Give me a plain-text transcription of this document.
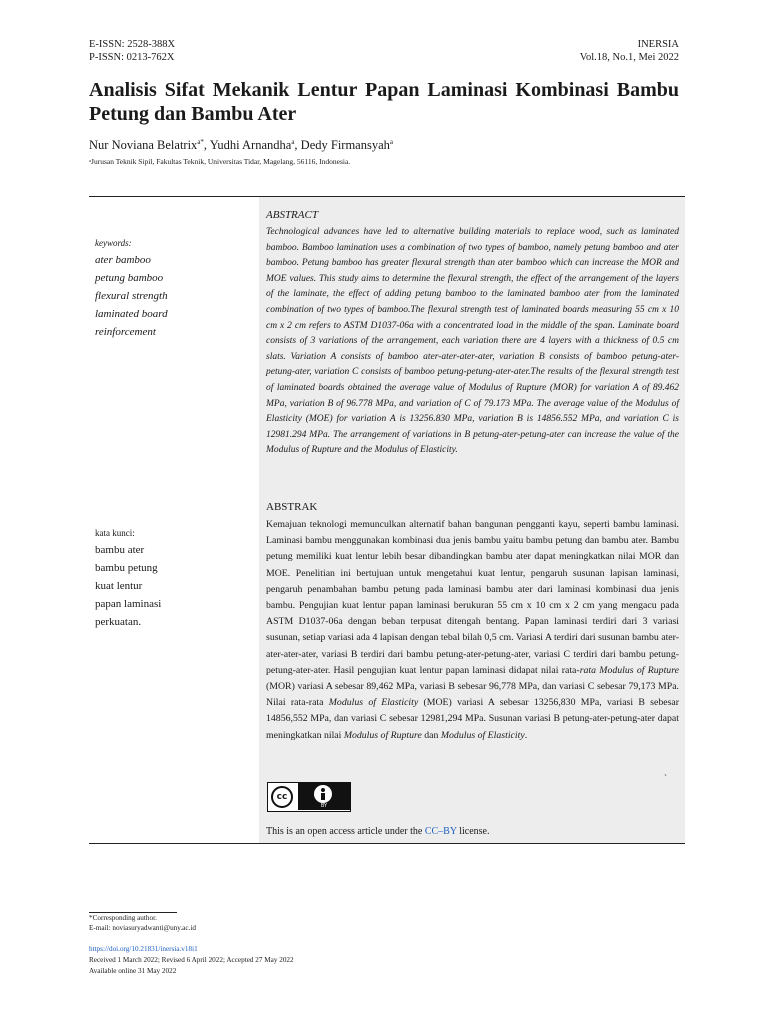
E-ISSN: 2528-388X
P-ISSN: 0213-762X
INERSIA
Vol.18, No.1, Mei 2022
Analisis Sifat Mekanik Lentur Papan Laminasi Kombinasi Bambu Petung dan Bambu Ater
Nur Noviana Belatrix$^{a*}$, Yudhi Arnandha$^a$, Dedy Firmansyah$^a$
ᵃJurusan Teknik Sipil, Fakultas Teknik, Universitas Tidar, Magelang, 56116, Indonesia.
keywords:
ater bamboo
petung bamboo
flexural strength
laminated board
reinforcement
ABSTRACT

Technological advances have led to alternative building materials to replace wood, such as laminated bamboo. Bamboo lamination uses a combination of two types of bamboo, namely petung bamboo and ater bamboo. Petung bamboo has greater flexural strength than ater bamboo which can increase the MOR and MOE values. This study aims to determine the flexural strength, the effect of the arrangement of the layers of the laminate, the effect of adding petung bamboo to the laminated bamboo ater from the laminated combination of two types of bamboo.The flexural strength test of laminated boards measuring 55 cm x 10 cm x 2 cm refers to ASTM D1037-06a with a concentrated load in the middle of the span. Laminate board consists of 3 variations of the arrangement, each variation there are 4 layers with a thickness of 0.5 cm slats. Variation A consists of bamboo ater-ater-ater-ater, variation B consists of bamboo petung-ater-petung-ater, variation C consists of bamboo petung-petung-ater-ater.The results of the flexural strength test of laminated boards obtained the average value of Modulus of Rupture (MOR) for variation A of 89.462 MPa, variation B of 96.778 MPa, and variation of C of 79.173 MPa. The average value of the Modulus of Elasticity (MOE) for variation A is 13256.830 MPa, variation B is 14856.552 MPa, and variation C is 12981.294 MPa. The arrangement of variations in B petung-ater-petung-ater can increase the value of the Modulus of Rupture and the Modulus of Elasticity.

kata kunci:
bambu ater
bambu petung
kuat lentur
papan laminasi
perkuatan.
ABSTRAK

Kemajuan teknologi memunculkan alternatif bahan bangunan pengganti kayu, seperti bambu laminasi. Laminasi bambu menggunakan kombinasi dua jenis bambu yaitu bambu petung dan bambu ater. Bambu petung memiliki kuat lentur lebih besar dibandingkan bambu ater dapat meningkatkan nilai MOR dan MOE. Penelitian ini bertujuan untuk mengetahui kuat lentur, pengaruh susunan lapisan laminasi, pengaruh penambahan bambu petung pada laminasi bambu ater dari laminasi kombinasi dua jenis bambu. Pengujian kuat lentur papan laminasi berukuran 55 cm x 10 cm x 2 cm yang mengacu pada ASTM D1037-06a dengan beban terpusat ditengah bentang. Papan laminasi terdiri dari 3 variasi susunan, setiap variasi ada 4 lapisan dengan tebal bilah 0,5 cm. Variasi A terdiri dari susunan bambu ater-ater-ater-ater, variasi B terdiri dari bambu petung-ater-petung-ater, variasi C terdiri dari bambu petung-petung-ater-ater. Hasil pengujian kuat lentur papan laminasi didapat nilai rata-rata Modulus of Rupture (MOR) variasi A sebesar 89,462 MPa, variasi B sebesar 96,778 MPa, dan variasi C sebesar 79,173 MPa. Nilai rata-rata Modulus of Elasticity (MOE) variasi A sebesar 13256,830 MPa, variasi B sebesar 14856,552 MPa, dan variasi C sebesar 12981,294 MPa. Susunan variasi B petung-ater-petung-ater dapat meningkatkan nilai Modulus of Rupture dan Modulus of Elasticity.

`
cc
BY
This is an open access article under the CC–BY license.
*Corresponding author.
E-mail: noviasuryadwanti@uny.ac.id
https://doi.org/10.21831/inersia.v18i1
Received 1 March 2022; Revised 6 April 2022; Accepted 27 May 2022
Available online 31 May 2022
